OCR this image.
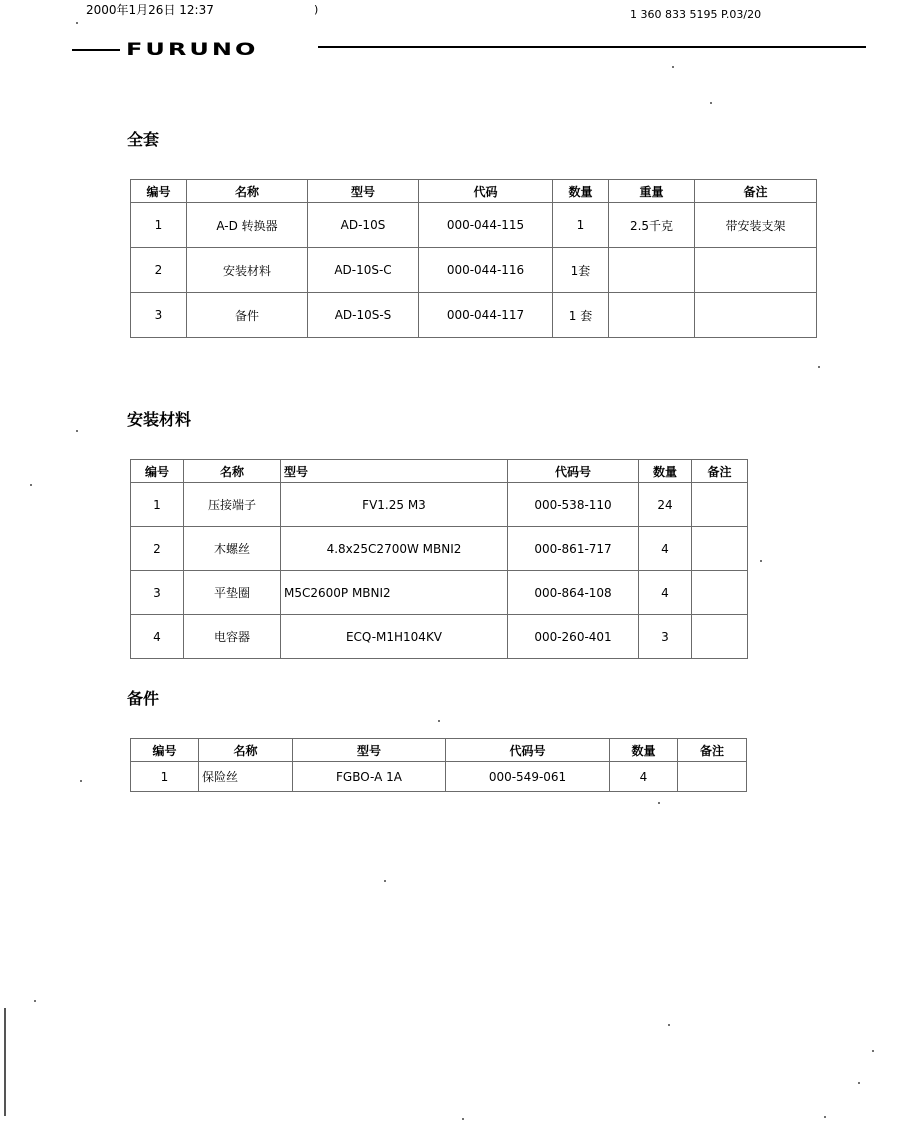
2000年1月26日 12:37	)	1 360 833 5195 P.03/20
FURUNO
全套
编号	名称	型号	代码	数量	重量	备注
1	A-D 转换器	AD-10S	000-044-115	1	2.5千克	带安装支架
2	安装材料	AD-10S-C	000-044-116	1套		
3	备件	AD-10S-S	000-044-117	1 套		
安装材料
编号	名称	型号	代码号	数量	备注
1	压接端子	FV1.25 M3	000-538-110	24	
2	木螺丝	4.8x25C2700W MBNI2	000-861-717	4	
3	平垫圈	M5C2600P MBNI2	000-864-108	4	
4	电容器	ECQ-M1H104KV	000-260-401	3	
备件
编号	名称	型号	代码号	数量	备注
1	保险丝	FGBO-A 1A	000-549-061	4	
